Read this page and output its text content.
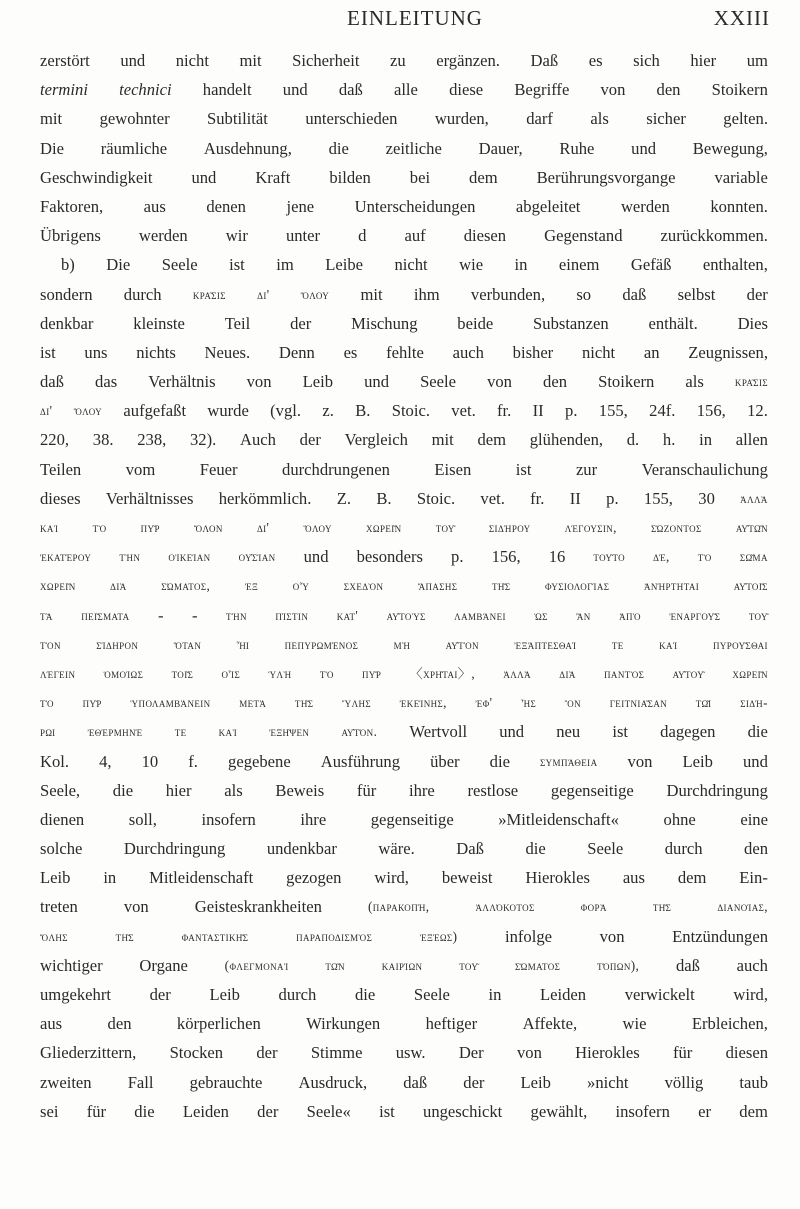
EINLEITUNG	XXIII
zerstört und nicht mit Sicherheit zu ergänzen. Daß es sich hier um
termini technici handelt und daß alle diese Begriffe von den Stoikern
mit gewohnter Subtilität unterschieden wurden, darf als sicher gelten.
Die räumliche Ausdehnung, die zeitliche Dauer, Ruhe und Bewegung,
Geschwindigkeit und Kraft bilden bei dem Berührungsvorgange variable
Faktoren, aus denen jene Unterscheidungen abgeleitet werden konnten.
Übrigens werden wir unter d auf diesen Gegenstand zurückkommen.
b) Die Seele ist im Leibe nicht wie in einem Gefäß enthalten,
sondern durch κρᾶσις δι' ὅλου mit ihm verbunden, so daß selbst der
denkbar kleinste Teil der Mischung beide Substanzen enthält. Dies
ist uns nichts Neues. Denn es fehlte auch bisher nicht an Zeugnissen,
daß das Verhältnis von Leib und Seele von den Stoikern als κρᾶσις
δι' ὅλου aufgefaßt wurde (vgl. z. B. Stoic. vet. fr. II p. 155, 24f. 156, 12.
220, 38. 238, 32). Auch der Vergleich mit dem glühenden, d. h. in allen
Teilen	vom	Feuer	durchdrungenen	Eisen	ist	zur	Veranschaulichung
dieses Verhältnisses herkömmlich. Z. B. Stoic. vet. fr. II p. 155, 30 ἀλλὰ
καὶ	τὸ	πῦρ	ὅλον	δι'	ὅλου	χωρεῖν	τοῦ	σιδήρου	λέγουσιν,	σώζοντος	αὐτῶν
ἑκατέρου τὴν οἰκείαν οὐσίαν und besonders p. 156, 16 τοῦτο δέ, τὸ σῶμα
χωρεῖν	διὰ	σώματος,	ἐξ	οὗ	σχεδὸν	ἅπασης	τῆς	φυσιολογίας	ἀνήρτηται	αὐτοῖς
τὰ πεῖσματα - - τὴν πίστιν κατ' αὐτοὺς λαμβάνει ὡς ἂν ἀπὸ ἐναργοῦς τοῦ
τὸν	σίδηρον	ὅταν	ᾖ	πεπυρωμένος	μὴ	αὐτὸν	ἐξάπτεσθαί	τε	καὶ	πυροῦσθαι
λέγειν ὁμοίως τοῖς οἷς ὑλὴ τὸ πῦρ 〈χρῆται〉, ἀλλὰ διὰ παντὸς αὐτοῦ χωρεῖν
τὸ πῦρ ὑπολαμβάνειν μετὰ τῆς ὕλης ἐκείνης, ἐφ' ἧς ὂν γειτνιᾶσαν τῷ σιδή-
ρῳ ἐθέρμηνέ τε καὶ ἐξῆψεν αὐτόν. Wertvoll und neu ist dagegen die
Kol. 4, 10 f. gegebene Ausführung über die συμπάθεια von Leib und
Seele, die hier als Beweis für ihre restlose gegenseitige Durchdringung
dienen	soll,	insofern	ihre	gegenseitige	»Mitleidenschaft«	ohne	eine
solche	Durchdringung	undenkbar	wäre.	Daß	die	Seele	durch	den
Leib in Mitleidenschaft gezogen wird, beweist Hierokles aus dem Ein-
treten	von	Geisteskrankheiten	(παρακοπή,	ἀλλόκοτος	φορὰ	τῆς	διανοίας,
ὅλης	τῆς	φανταστικῆς	παραποδισμὸς	ἐξέως)	infolge	von	Entzündungen
wichtiger Organe	(φλεγμοναὶ	τῶν	καιρίων	τοῦ	σώματος	τόπων), daß auch
umgekehrt der Leib durch die Seele in Leiden verwickelt wird,
aus	den	körperlichen	Wirkungen	heftiger	Affekte,	wie	Erbleichen,
Gliederzittern, Stocken der Stimme usw. Der von Hierokles für diesen
zweiten Fall gebrauchte Ausdruck, daß der Leib »nicht völlig taub
sei für die Leiden der Seele« ist ungeschickt gewählt, insofern er dem
